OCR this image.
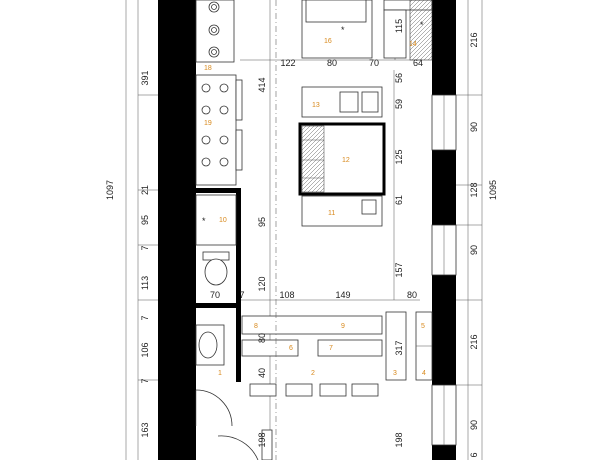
391
1097	21
95
7
113
7
106
7
163
216
90
128 1095
90
216
90
6
122	80	70	64
115
56
414
59
125
61
95
157
120
70 7	108	149	80
80
317
40
198	198
1	2	3	4
5
6	7
8	9
10
11
12
13
14
16
18
19
*	*
*
